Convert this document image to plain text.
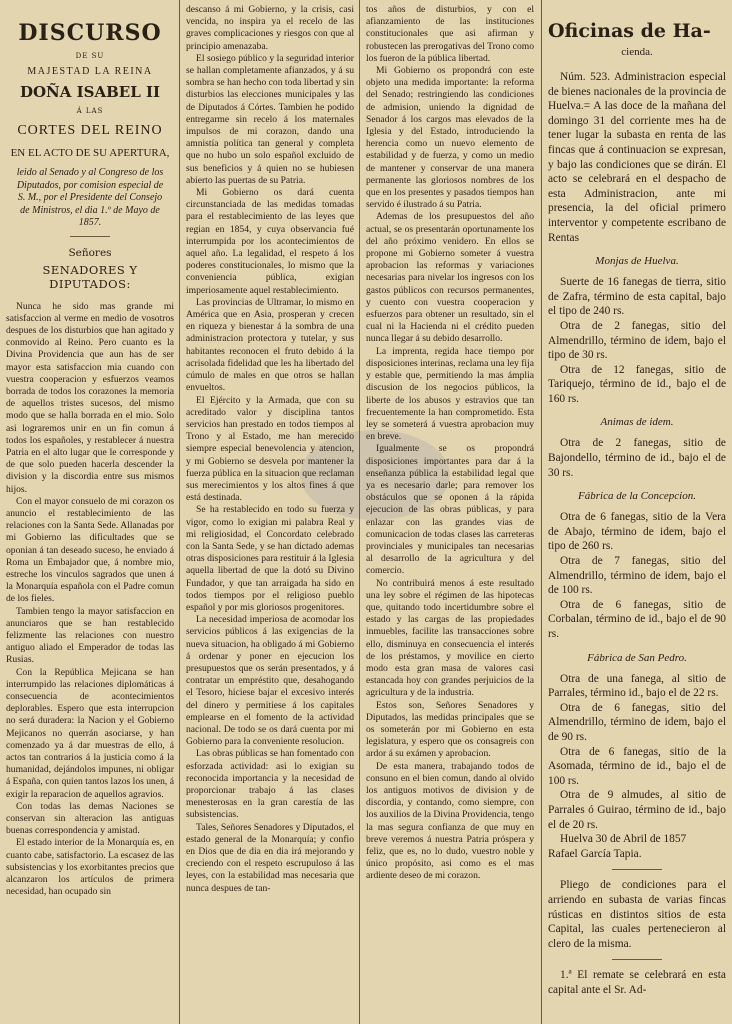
DISCURSO
DE SU
MAJESTAD LA REINA
DOÑA ISABEL II
Á LAS
CORTES DEL REINO
EN EL ACTO DE SU APERTURA,
leido al Senado y al Congreso de los Diputados, por comision especial de S. M., por el Presidente del Consejo de Ministros, el dia 1.º de Mayo de 1857.
Señores
SENADORES Y DIPUTADOS:

Nunca he sido mas grande mi satisfaccion al verme en medio de vosotros despues de los disturbios que han agitado y conmovido al Reino. Pero cuanto es la Divina Providencia que aun has de ser mayor esta satisfaccion mia cuando con vuestra cooperacion y esfuerzos veamos borrada de todos los corazones la memoria de aquellos tristes sucesos, del mismo modo que se halla borrada en el mio. Solo asi lograremos unir en un fin comun á todos los españoles, y restablecer á nuestra Patria en el alto lugar que le corresponde y de que solo pueden hacerla descender la division y la discordia entre sus mismos hijos.

Con el mayor consuelo de mi corazon os anuncio el restablecimiento de las relaciones con la Santa Sede. Allanadas por mi Gobierno las dificultades que se oponian á tan deseado suceso, he enviado á Roma un Embajador que, á nombre mio, estreche los vinculos sagrados que unen á la Monarquía española con el Padre comun de los fieles.

Tambien tengo la mayor satisfaccion en anunciaros que se han restablecido felizmente las relaciones con nuestro antiguo aliado el Emperador de todas las Rusias.

Con la República Mejicana se han interrumpido las relaciones diplomáticas á consecuencia de acontecimientos deplorables. Espero que esta interrupcion no será duradera: la Nacion y el Gobierno Mejicanos no querrán asociarse, y han comenzado ya á dar muestras de ello, á actos tan contrarios á la justicia como á la humanidad, dejándolos impunes, ni obligar á España, con quien tantos lazos los unen, á exigir la reparacion de aquellos agravios.

Con todas las demas Naciones se conservan sin alteracion las antiguas buenas correspondencia y amistad.

El estado interior de la Monarquía es, en cuanto cabe, satisfactorio. La escasez de las subsistencias y los exorbitantes precios que alcanzaron los artículos de primera necesidad, han ocupado sin

descanso á mi Gobierno, y la crisis, casi vencida, no inspira ya el recelo de las graves complicaciones y riesgos con que al principio amenazaba.

El sosiego público y la seguridad interior se hallan completamente afianzados, y á su sombra se han hecho con toda libertad y sin disturbios las elecciones municipales y las de Diputados á Córtes. Tambien he podido entregarme sin recelo á los maternales impulsos de mi corazon, dando una amnistía política tan general y completa que no hubo un solo español excluido de sus beneficios y á quien no se hubiesen abierto las puertas de su Patria.

Mi Gobierno os dará cuenta circunstanciada de las medidas tomadas para el restablecimiento de las leyes que regian en 1854, y cuya observancia fué interrumpida por los acontecimientos de aquel año. La legalidad, el respeto á los poderes constitucionales, lo mismo que la conveniencia pública, exigian imperiosamente aquel restablecimiento.

Las provincias de Ultramar, lo mismo en América que en Asia, prosperan y crecen en riqueza y bienestar á la sombra de una administracion protectora y tutelar, y sus habitantes reconocen el fruto debido á la acrisolada fidelidad que les ha libertado del cúmulo de males en que otros se hallan envueltos.

El Ejército y la Armada, que con su acreditado valor y disciplina tantos servicios han prestado en todos tiempos al Trono y al Estado, me han merecido siempre especial benevolencia y atencion, y mi Gobierno se desvela por mantener la fuerza pública en la situacion que reclaman sus merecimientos y los altos fines á que está destinada.

Se ha restablecido en todo su fuerza y vigor, como lo exigian mi palabra Real y mi religiosidad, el Concordato celebrado con la Santa Sede, y se han dictado ademas otras disposiciones para restituir á la Iglesia aquella libertad de que la dotó su Divino Fundador, y que tan arraigada ha sido en todos tiempos por el religioso pueblo español y por mis gloriosos progenitores.

La necesidad imperiosa de acomodar los servicios públicos á las exigencias de la nueva situacion, ha obligado á mi Gobierno á ordenar y poner en ejecucion los presupuestos que os serán presentados, y á contratar un empréstito que, desahogando el Tesoro, hiciese bajar el excesivo interés del dinero y permitiese á los capitales emplearse en el fomento de la actividad nacional. De todo se os dará cuenta por mi Gobierno para la conveniente resolucion.

Las obras públicas se han fomentado con esforzada actividad: asi lo exigian su reconocida importancia y la necesidad de proporcionar trabajo á las clases menesterosas en la gran carestía de las subsistencias.

Tales, Señores Senadores y Diputados, el estado general de la Monarquía; y confio en Dios que de dia en dia irá mejorando y creciendo con el respeto escrupuloso á las leyes, con la estabilidad mas necesaria que nunca despues de tan-

tos años de disturbios, y con el afianzamiento de las instituciones constitucionales que asi afirman y robustecen las prerogativas del Trono como los fueron de la pública libertad.

Mi Gobierno os propondrá con este objeto una medida importante: la reforma del Senado; restringiendo las condiciones de admision, uniendo la dignidad de Senador á los cargos mas elevados de la Iglesia y del Estado, introduciendo la herencia como un nuevo elemento de estabilidad y de fuerza, y como un medio de mantener y conservar de una manera permanente las gloriosos nombres de los que en los presentes y pasados tiempos han servido é ilustrado á su Patria.

Ademas de los presupuestos del año actual, se os presentarán oportunamente los del año próximo venidero. En ellos se propone mi Gobierno someter á vuestra aprobacion las reformas y variaciones necesarias para nivelar los ingresos con los gastos públicos con recursos permanentes, y cuento con vuestra cooperacion y esfuerzos para obtener un resultado, sin el cual ni la Hacienda ni el crédito pueden nunca llegar á su debido desarrollo.

La imprenta, regida hace tiempo por disposiciones interinas, reclama una ley fija y estable que, permitiendo la mas ámplia discusion de los negocios públicos, la liberte de los abusos y estravios que tan frecuentemente la han comprometido. Esta ley se someterá á vuestra aprobacion muy en breve.

Igualmente se os propondrá disposiciones importantes para dar á la enseñanza pública la estabilidad legal que ya es necesario darle; para remover los obstáculos que se oponen á la rápida ejecucion de las obras públicas, y para enlazar con las grandes vias de comunicacion de todas clases las carreteras provinciales y municipales tan necesarias al desarrollo de la agricultura y del comercio.

No contribuirá menos á este resultado una ley sobre el régimen de las hipotecas que, quitando todo incertidumbre sobre el estado y las cargas de las propiedades inmuebles, facilite las transacciones sobre ello, disminuya en consecuencia el interés de los préstamos, y movilice en cierto modo esta gran masa de valores casi estancada hoy con grandes perjuicios de la agricultura y de la industria.

Estos son, Señores Senadores y Diputados, las medidas principales que se os someterán por mi Gobierno en esta legislatura, y espero que os consagreis con ardor á su exámen y aprobacion.

De esta manera, trabajando todos de consuno en el bien comun, dando al olvido los antiguos motivos de division y de discordia, y contando, como siempre, con los auxilios de la Divina Providencia, tengo la mas segura confianza de que muy en breve veremos á nuestra Patria próspera y feliz, que es, no lo dudo, vuestro noble y único propósito, asi como es el mas ardiente deseo de mi corazon.

Oficinas de Ha-
cienda.

Núm. 523. Administracion especial de bienes nacionales de la provincia de Huelva.= A las doce de la mañana del domingo 31 del corriente mes ha de tener lugar la subasta en renta de las fincas que á continuacion se expresan, y bajo las condiciones que se dirán. El acto se celebrará en el despacho de esta Administracion, ante mi presencia, la del oficial primero interventor y competente escribano de Rentas

Monjas de Huelva.

Suerte de 16 fanegas de tierra, sitio de Zafra, término de esta capital, bajo el tipo de 240 rs.

Otra de 2 fanegas, sitio del Almendrillo, término de idem, bajo el tipo de 30 rs.

Otra de 12 fanegas, sitio de Tariquejo, término de id., bajo el de 160 rs.

Animas de idem.

Otra de 2 fanegas, sitio de Bajondello, término de id., bajo el de 30 rs.

Fábrica de la Concepcion.

Otra de 6 fanegas, sitio de la Vera de Abajo, término de idem, bajo el tipo de 260 rs.

Otra de 7 fanegas, sitio del Almendrillo, término de idem, bajo el de 100 rs.

Otra de 6 fanegas, sitio de Corbalan, término de id., bajo el de 90 rs.

Fábrica de San Pedro.

Otra de una fanega, al sitio de Parrales, término id., bajo el de 22 rs.

Otra de 6 fanegas, sitio del Almendrillo, término de idem, bajo el de 90 rs.

Otra de 6 fanegas, sitio de la Asomada, término de id., bajo el de 100 rs.

Otra de 9 almudes, al sitio de Parrales ó Guirao, término de id., bajo el de 20 rs.

Huelva 30 de Abril de 1857

Rafael García Tapia.

Pliego de condiciones para el arriendo en subasta de varias fincas rústicas en distintos sitios de esta Capital, las cuales pertenecieron al clero de la misma.

1.ª El remate se celebrará en esta capital ante el Sr. Ad-
